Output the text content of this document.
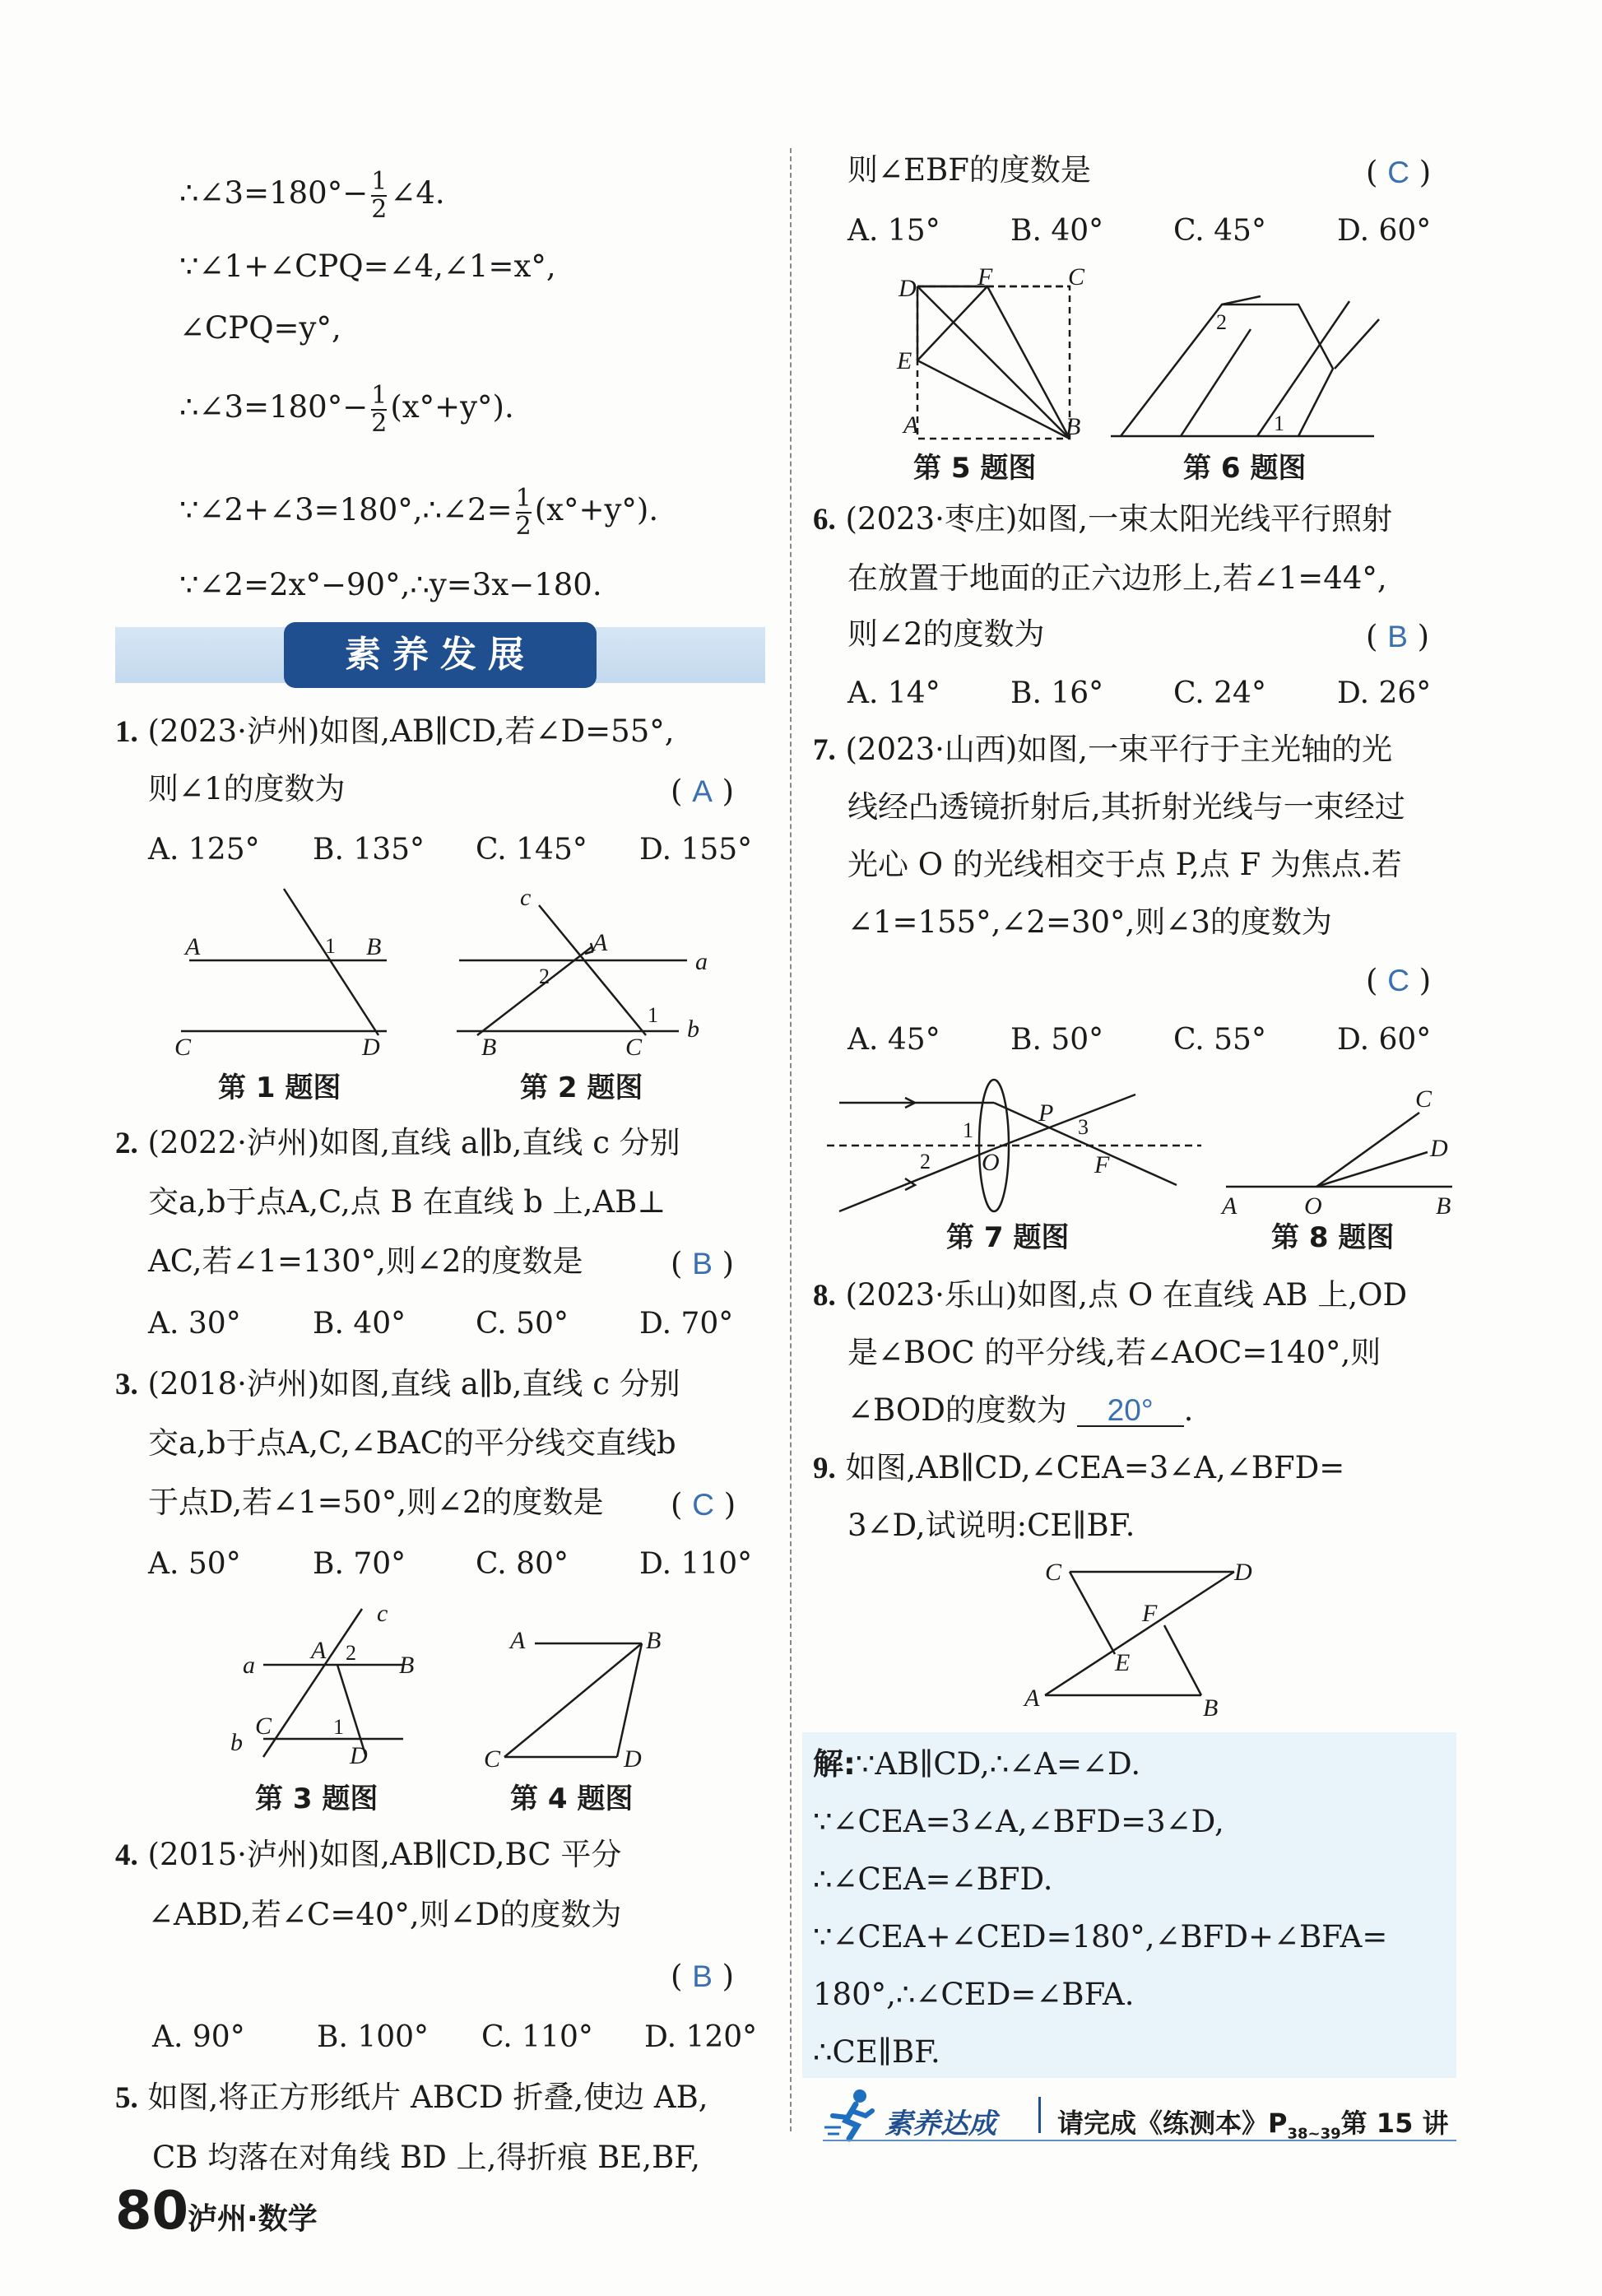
∴∠3=180°− $\frac{1}{2}$ ∠4.
∵∠1+∠CPQ=∠4,∠1=x°,
∠CPQ=y°,
∴∠3=180°− $\frac{1}{2} (x^\circ+y^\circ)$.
∵∠2+∠3=180°,∴∠2= $\frac{1}{2} (x^\circ+y^\circ)$.
∵∠2=2x°−90°,∴y=3x−180.
素养发展
1. (2023·泸州)如图,AB∥CD,若∠D=55°,
则∠1的度数为	( A )
A. 125° B. 135° C. 145° D. 155°
A	B
1
C	D
第 1 题图
c
A
a
2
1
B	C
b
第 2 题图
2. (2022·泸州)如图,直线 a∥b,直线 c 分别
交a,b于点A,C,点 B 在直线 b 上,AB⊥
AC,若∠1=130°,则∠2的度数是	( B )
A. 30° B. 40° C. 50° D. 70°
3. (2018·泸州)如图,直线 a∥b,直线 c 分别
交a,b于点A,C,∠BAC的平分线交直线b
于点D,若∠1=50°,则∠2的度数是 ( C )
A. 50° B. 70° C. 80° D. 110°
c
a
A 2 B
C	1
b	D
第 3 题图
A	B
C	D
第 4 题图
4. (2015·泸州)如图,AB∥CD,BC 平分
∠ABD,若∠C=40°,则∠D的度数为
( B )
A. 90° B. 100° C. 110° D. 120°
5. 如图,将正方形纸片 ABCD 折叠,使边 AB,
CB 均落在对角线 BD 上,得折痕 BE,BF,
80
泸州·数学
则∠EBF的度数是	( C )
A. 15° B. 40° C. 45° D. 60°
D F	C
E
A	B
第 5 题图
2
1
第 6 题图
6. (2023·枣庄)如图,一束太阳光线平行照射
在放置于地面的正六边形上,若∠1=44°,
则∠2的度数为	( B )
A. 14° B. 16° C. 24° D. 26°
7. (2023·山西)如图,一束平行于主光轴的光
线经凸透镜折射后,其折射光线与一束经过
光心 O 的光线相交于点 P,点 F 为焦点.若
∠1=155°,∠2=30°,则∠3的度数为
( C )
A. 45° B. 50° C. 55° D. 60°
1
P
3
2 O	F
第 7 题图
C
D
A	O	B
第 8 题图
8. (2023·乐山)如图,点 O 在直线 AB 上,OD
是∠BOC 的平分线,若∠AOC=140°,则
∠BOD的度数为 20° .
9. 如图,AB∥CD,∠CEA=3∠A,∠BFD=
3∠D,试说明:CE∥BF.
C	D
F
E
A	B
解:∵AB∥CD,∴∠A=∠D.
∵∠CEA=3∠A,∠BFD=3∠D,
∴∠CEA=∠BFD.
∵∠CEA+∠CED=180°,∠BFD+∠BFA=
180°,∴∠CED=∠BFA.
∴CE∥BF.
素养达成 请完成《练测本》$P_{38\sim 39}$第 15 讲
